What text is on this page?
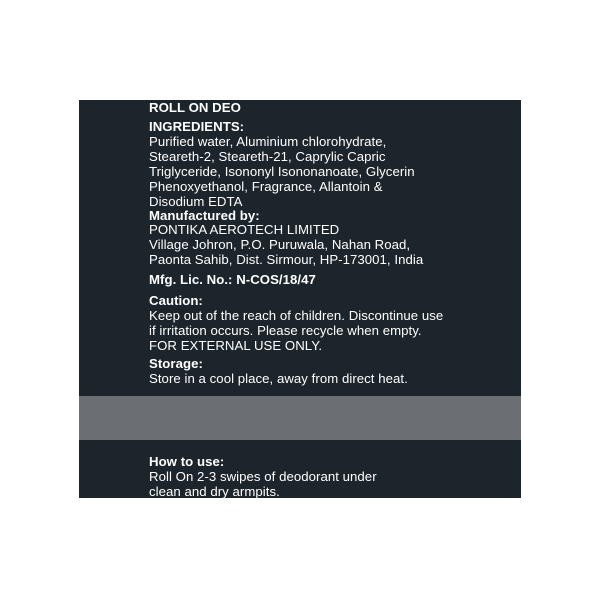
ROLL ON DEO

INGREDIENTS:

Purified water, Aluminium chlorohydrate,

Steareth-2, Steareth-21, Caprylic Capric

Triglyceride, Isononyl Isononanoate, Glycerin

Phenoxyethanol, Fragrance, Allantoin &

Disodium EDTA

Manufactured by:

PONTIKA AEROTECH LIMITED

Village Johron, P.O. Puruwala, Nahan Road,

Paonta Sahib, Dist. Sirmour, HP-173001, India

Mfg. Lic. No.: N-COS/18/47

Caution:

Keep out of the reach of children. Discontinue use

if irritation occurs. Please recycle when empty.

FOR EXTERNAL USE ONLY.

Storage:

Store in a cool place, away from direct heat.

How to use:

Roll On 2-3 swipes of deodorant under

clean and dry armpits.
